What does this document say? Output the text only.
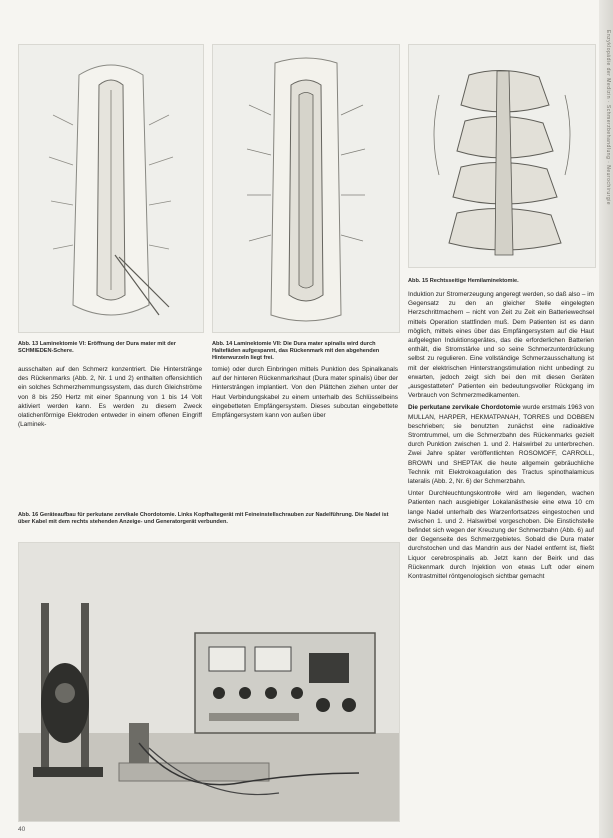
Abb. 13 Laminektomie VI: Eröffnung der Dura mater mit der SCHMIEDEN-Schere.
Abb. 14 Laminektomie VII: Die Dura mater spinalis wird durch Haltefäden aufgespannt, das Rückenmark mit den abgehenden Hinterwurzeln liegt frei.
Abb. 15 Rechtsseitige Hemilaminektomie.

ausschalten auf den Schmerz konzentriert. Die Hinterstränge des Rückenmarks (Abb. 2, Nr. 1 und 2) enthalten offensichtlich ein solches Schmerzhemmungssystem, das durch Gleichströme von 8 bis 250 Hertz mit einer Spannung von 1 bis 14 Volt aktiviert werden kann. Es werden zu diesem Zweck olatichenförmige Elektroden entweder in einem offenen Eingriff (Laminek-

tomie) oder durch Einbringen mittels Punktion des Spinalkanals auf der hinteren Rückenmarkshaut (Dura mater spinalis) über der Hintersträngen implantiert. Von den Plättchen ziehen unter der Haut Verbindungskabel zu einem unterhalb des Schlüsselbeins eingebetteten Empfängersystem. Dieses subcutan eingebettete Empfängersystem kann von außen über

Induktion zur Stromerzeugung angeregt werden, so daß also – im Gegensatz zu den an gleicher Stelle eingelegten Herzschrittmachern – nicht von Zeit zu Zeit ein Batteriewechsel mittels Operation stattfinden muß. Dem Patienten ist es dann möglich, mittels eines über das Empfängersystem auf die Haut aufgelegten Induktionsgerätes, das die erforderlichen Batterien enthält, die Stromstärke und so seine Schmerzunterdrückung selbst zu regulieren. Eine vollständige Schmerzausschaltung ist mit der elektrischen Hinterstrangstimulation nicht unbedingt zu erwarten, jedoch zeigt sich bei den mit diesen Geräten „ausgestatteten" Patienten ein bedeutungsvoller Rückgang im Verbrauch von Schmerzmedikamenten.

Die perkutane zervikale Chordotomie wurde erstmals 1963 von MULLAN, HARPER, HEKMATPANAH, TORRES und DOBBEN beschrieben; sie benutzten zunächst eine radioaktive Stromtrummel, um die Schmerzbahn des Rückenmarks gezielt durch Punktion zwischen 1. und 2. Halswirbel zu unterbrechen. Zwei Jahre später veröffentlichten ROSOMOFF, CARROLL, BROWN und SHEPTAK die heute allgemein gebräuchliche Technik mit Elektrokoagulation des Tractus spinothalamicus lateralis (Abb. 2, Nr. 6) der Schmerzbahn.

Unter Durchleuchtungskontrolle wird am liegenden, wachen Patienten nach ausgiebiger Lokalanästhesie eine etwa 10 cm lange Nadel unterhalb des Warzenfortsatzes eingestochen und zwischen 1. und 2. Halswirbel vorgeschoben. Die Einstichstelle befindet sich wegen der Kreuzung der Schmerzbahn (Abb. 6) auf der Gegenseite des Schmerzgebietes. Sobald die Dura mater durchstochen und das Mandrin aus der Nadel entfernt ist, fließt Liquor cerebrospinalis ab. Jetzt kann der Beirk und das Rückenmark durch Injektion von etwas Luft oder einem Kontrastmittel röntgenologisch sichtbar gemacht

Abb. 16 Geräteaufbau für perkutane zervikale Chordotomie. Links Kopfhaltegerät mit Feineinstellschrauben zur Nadelführung. Die Nadel ist über Kabel mit dem rechts stehenden Anzeige- und Generatorgerät verbunden.
40
Enzyklopädie der Medizin · Schmerzbehandlung · Neurochirurgie
